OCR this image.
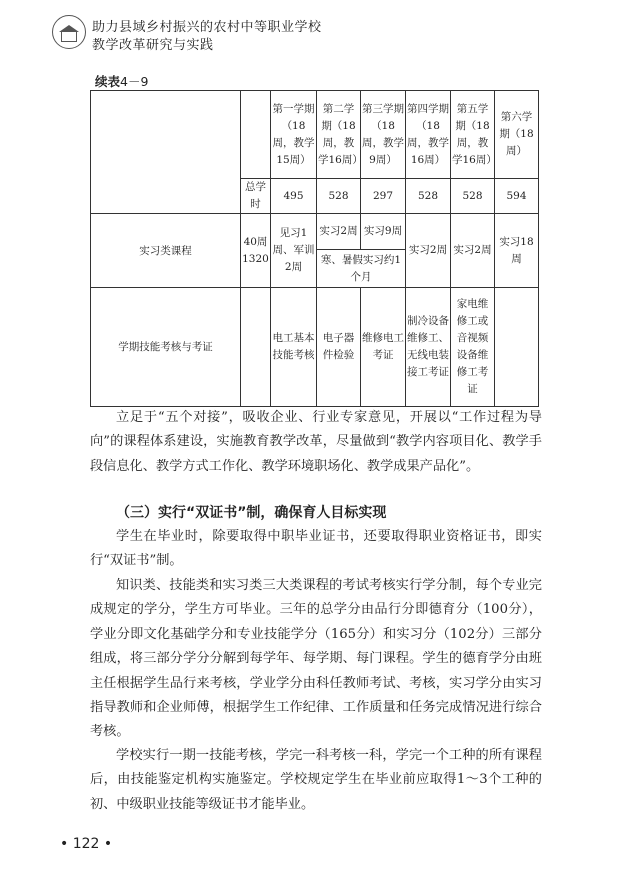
助力县域乡村振兴的农村中等职业学校
教学改革研究与实践
续表4－9
		第一学期（18周，教学15周）	第二学期（18周，教学16周）	第三学期（18周，教学9周）	第四学期（18周，教学16周）	第五学期（18周，教学16周）	第六学期（18周）
	总学时	495	528	297	528	528	594
实习类课程	40周1320	见习1周、军训2周	实习2周	实习9周	实习2周	实习2周	实习18周
			寒、暑假实习约1个月				
学期技能考核与考证		电工基本技能考核	电子器件检验	维修电工考证	制冷设备维修工、无线电装接工考证	家电维修工或音视频设备维修工考证	

立足于“五个对接”，吸收企业、行业专家意见，开展以“工作过程为导向”的课程体系建设，实施教育教学改革，尽量做到“教学内容项目化、教学手段信息化、教学方式工作化、教学环境职场化、教学成果产品化”。

（三）实行“双证书”制，确保育人目标实现

学生在毕业时，除要取得中职毕业证书，还要取得职业资格证书，即实行“双证书”制。

知识类、技能类和实习类三大类课程的考试考核实行学分制，每个专业完成规定的学分，学生方可毕业。三年的总学分由品行分即德育分（100分），学业分即文化基础学分和专业技能学分（165分）和实习分（102分）三部分组成，将三部分学分分解到每学年、每学期、每门课程。学生的德育学分由班主任根据学生品行来考核，学业学分由科任教师考试、考核，实习学分由实习指导教师和企业师傅，根据学生工作纪律、工作质量和任务完成情况进行综合考核。

学校实行一期一技能考核，学完一科考核一科，学完一个工种的所有课程后，由技能鉴定机构实施鉴定。学校规定学生在毕业前应取得1～3个工种的初、中级职业技能等级证书才能毕业。

• 122 •
